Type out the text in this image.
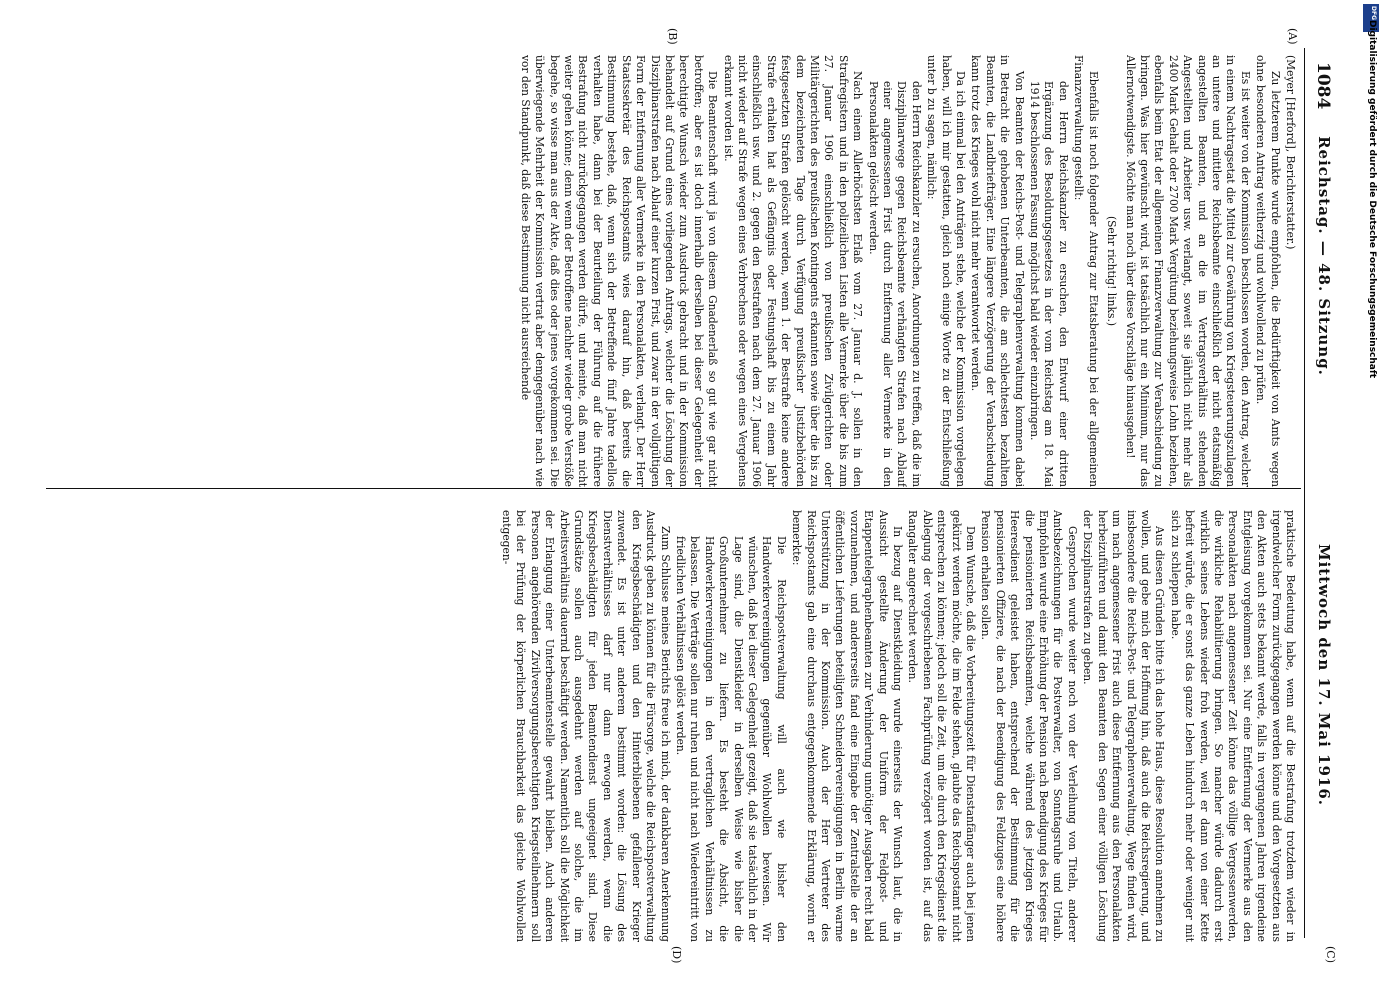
1084
Reichstag. — 48. Sitzung.
Mittwoch den 17. Mai 1916.
(A)
(B)
(C)
(D)

(Meyer [Herford], Berichterstatter.)

Zu letzterem Punkte wurde empfohlen, die Bedürftigkeit von Amts wegen ohne besonderen Antrag weitherzig und wohlwollend zu prüfen.

Es ist weiter von der Kommission beschlossen worden, den Antrag, welcher in einem Nachtragsetat die Mittel zur Gewährung von Kriegsteuerungszulagen an untere und mittlere Reichsbeamte einschließlich der nicht etatsmäßig angestellten Beamten, und an die im Vertragsverhältnis stehenden Angestellten und Arbeiter usw. verlangt, soweit sie jährlich nicht mehr als 2400 Mark Gehalt oder 2700 Mark Vergütung beziehungsweise Lohn beziehen, ebenfalls beim Etat der allgemeinen Finanzverwaltung zur Verabschiedung zu bringen. Was hier gewünscht wird, ist tatsächlich nur ein Minimum, nur das Allernotwendigste. Möchte man noch über diese Vorschläge hinausgehen!

(Sehr richtig! links.)

Ebenfalls ist noch folgender Antrag zur Etatsberatung bei der allgemeinen Finanzverwaltung gestellt:

den Herrn Reichskanzler zu ersuchen, den Entwurf einer dritten Ergänzung des Besoldungsgesetzes in der vom Reichstag am 18. Mai 1914 beschlossenen Fassung möglichst bald wieder einzubringen.

Von Beamten der Reichs-Post- und Telegraphenverwaltung kommen dabei in Betracht die gehobenen Unterbeamten, die am schlechtesten bezahlten Beamten, die Landbriefträger. Eine längere Verzögerung der Verabschiedung kann trotz des Krieges wohl nicht mehr verantwortet werden.

Da ich einmal bei den Anträgen stehe, welche der Kommission vorgelegen haben, will ich mir gestatten, gleich noch einige Worte zu der Entschließung unter b zu sagen, nämlich:

den Herrn Reichskanzler zu ersuchen, Anordnungen zu treffen, daß die im Disziplinarwege gegen Reichsbeamte verhängten Strafen nach Ablauf einer angemessenen Frist durch Entfernung aller Vermerke in den Personalakten gelöscht werden.

Nach einem Allerhöchsten Erlaß vom 27. Januar d. J. sollen in den Strafregistern und in den polizeilichen Listen alle Vermerke über die bis zum 27. Januar 1906 einschließlich von preußischen Zivilgerichten oder Militärgerichten des preußischen Kontingents erkannten sowie über die bis zu dem bezeichneten Tage durch Verfügung preußischer Justizbehörden festgesetzten Strafen gelöscht werden, wenn 1. der Bestrafte keine andere Strafe erhalten hat als Gefängnis oder Festungshaft bis zu einem Jahr einschließlich usw. und 2. gegen den Bestraften nach dem 27. Januar 1906 nicht wieder auf Strafe wegen eines Verbrechens oder wegen eines Vergehens erkannt worden ist.

Die Beamtenschaft wird ja von diesem Gnadenerlaß so gut wie gar nicht betroffen; aber es ist doch innerhalb derselben bei dieser Gelegenheit der berechtigte Wunsch wieder zum Ausdruck gebracht und in der Kommission behandelt auf Grund eines vorliegenden Antrags, welcher die Löschung der Disziplinarstrafen nach Ablauf einer kurzen Frist, und zwar in der vollgültigen Form der Entfernung aller Vermerke in den Personalakten, verlangt. Der Herr Staatssekretär des Reichspostamts wies darauf hin, daß bereits die Bestimmung bestehe, daß, wenn sich der Betreffende fünf Jahre tadellos verhalten habe, dann bei der Beurteilung der Führung auf die frühere Bestrafung nicht zurückgegangen werden dürfe, und meinte, daß man nicht weiter gehen könne; denn wenn der Betroffene nachher wieder grobe Verstöße begehe, so wisse man aus der Akte, daß dies oder jenes vorgekommen sei. Die überwiegende Mehrheit der Kommission vertrat aber demgegenüber nach wie vor den Standpunkt, daß diese Bestimmung nicht ausreichende

praktische Bedeutung habe, wenn auf die Bestrafung trotzdem wieder in irgendwelcher Form zurückgegangen werden könne und den Vorgesetzten aus den Akten auch stets bekannt werde, falls in vergangenen Jahren irgendeine Entgleisung vorgekommen sei. Nur eine Entfernung der Vermerke aus den Personalakten nach angemessener Zeit könne das völlige Vergessenwerden, die wirkliche Rehabilitierung bringen. So mancher würde dadurch erst wirklich seines Lebens wieder froh werden, weil er dann von einer Kette befreit würde, die er sonst das ganze Leben hindurch mehr oder weniger mit sich zu schleppen habe.

Aus diesen Gründen bitte ich das hohe Haus, diese Resolution annehmen zu wollen, und gebe mich der Hoffnung hin, daß auch die Reichsregierung, und insbesondere die Reichs-Post- und Telegraphenverwaltung, Wege finden wird, um nach angemessener Frist auch diese Entfernung aus den Personalakten herbeizuführen und damit den Beamten den Segen einer völligen Löschung der Disziplinarstrafen zu geben.

Gesprochen wurde weiter noch von der Verleihung von Titeln, anderer Amtsbezeichnungen für die Postverwalter, von Sonntagsruhe und Urlaub. Empfohlen wurde eine Erhöhung der Pension nach Beendigung des Krieges für die pensionierten Reichsbeamten, welche während des jetzigen Krieges Heeresdienst geleistet haben, entsprechend der Bestimmung für die pensionierten Offiziere, die nach der Beendigung des Feldzuges eine höhere Pension erhalten sollen.

Dem Wunsche, daß die Vorbereitungszeit für Dienstanfänger auch bei jenen gekürzt werden möchte, die im Felde stehen, glaubte das Reichspostamt nicht entsprechen zu können; jedoch soll die Zeit, um die durch den Kriegsdienst die Ablegung der vorgeschriebenen Fachprüfung verzögert worden ist, auf das Rangalter angerechnet werden.

In bezug auf Dienstkleidung wurde einerseits der Wunsch laut, die in Aussicht gestellte Änderung der Uniform der Feldpost- und Etappentelegraphenbeamten zur Verhinderung unnötiger Ausgaben recht bald vorzunehmen, und andererseits fand eine Eingabe der Zentralstelle der an öffentlichen Lieferungen beteiligten Schneidervereinigungen in Berlin warme Unterstützung in der Kommission. Auch der Herr Vertreter des Reichspostamts gab eine durchaus entgegenkommende Erklärung, worin er bemerkte:

Die Reichspostverwaltung will auch wie bisher den Handwerkervereinigungen gegenüber Wohlwollen beweisen. Wir wünschen, daß bei dieser Gelegenheit gezeigt, daß sie tatsächlich in der Lage sind, die Dienstkleider in derselben Weise wie bisher die Großunternehmer zu liefern. Es besteht die Absicht, die Handwerkervereinigungen in den vertraglichen Verhältnissen zu belassen. Die Verträge sollen nur ruhen und nicht nach Wiedereintritt von friedlichen Verhältnissen gelöst werden.

Zum Schlusse meines Berichts freue ich mich, der dankbaren Anerkennung Ausdruck geben zu können für die Fürsorge, welche die Reichspostverwaltung den Kriegsbeschädigten und den Hinterbliebenen gefallener Krieger zuwendet. Es ist unter anderem bestimmt worden: die Lösung des Dienstverhältnisses darf nur dann erwogen werden, wenn die Kriegsbeschädigten für jeden Beamtendienst ungeeignet sind. Diese Grundsätze sollen auch ausgedehnt werden auf solche, die im Arbeitsverhältnis dauernd beschäftigt werden. Namentlich soll die Möglichkeit der Erlangung einer Unterbeamtenstelle gewahrt bleiben. Auch anderen Personen angehörenden Zivilversorgungsberechtigten Kriegsteilnehmern soll bei der Prüfung der körperlichen Brauchbarkeit das gleiche Wohlwollen entgegen-

DFG
Digitalisierung gefördert durch die Deutsche Forschungsgemeinschaft
